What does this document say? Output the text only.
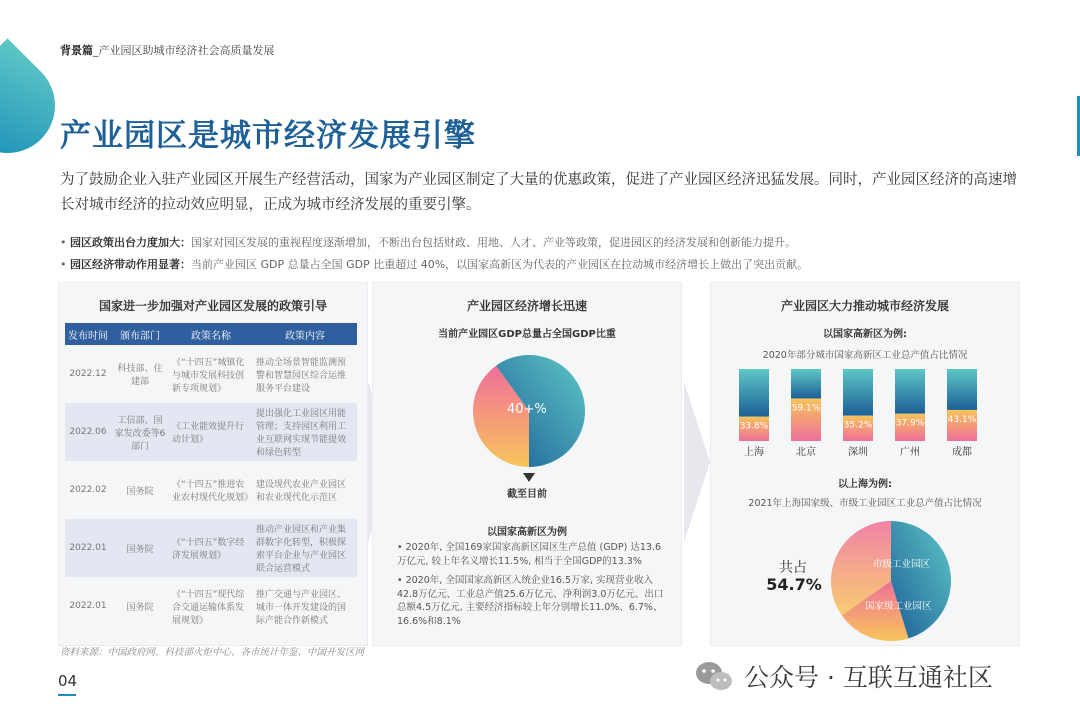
背景篇_产业园区助城市经济社会高质量发展
产业园区是城市经济发展引擎
为了鼓励企业入驻产业园区开展生产经营活动，国家为产业园区制定了大量的优惠政策，促进了产业园区经济迅猛发展。同时，产业园区经济的高速增长对城市经济的拉动效应明显，正成为城市经济发展的重要引擎。
• 园区政策出台力度加大：国家对园区发展的重视程度逐渐增加，不断出台包括财政、用地、人才、产业等政策，促进园区的经济发展和创新能力提升。
• 园区经济带动作用显著：当前产业园区 GDP 总量占全国 GDP 比重超过 40%，以国家高新区为代表的产业园区在拉动城市经济增长上做出了突出贡献。
国家进一步加强对产业园区发展的政策引导
发布时间	颁布部门	政策名称	政策内容
2022.12	科技部、住建部	《“十四五”城镇化与城市发展科技创新专项规划》	推动全场景智能监测预警和智慧园区综合运维服务平台建设
2022.06	工信部、国家发改委等6部门	《工业能效提升行动计划》	提出强化工业园区用能管理；支持园区利用工业互联网实现节能提效和绿色转型
2022.02	国务院	《“十四五”推进农业农村现代化规划》	建设现代农业产业园区和农业现代化示范区
2022.01	国务院	《“十四五”数字经济发展规划》	推动产业园区和产业集群数字化转型，积极探索平台企业与产业园区联合运营模式
2022.01	国务院	《“十四五”现代综合交通运输体系发展规划》	推广交通与产业园区、城市一体开发建设的国际产能合作新模式
产业园区经济增长迅速
当前产业园区GDP总量占全国GDP比重
40+%
截至目前
以国家高新区为例
• 2020年, 全国169家国家高新区园区生产总值 (GDP) 达13.6万亿元, 较上年名义增长11.5%, 相当于全国GDP的13.3%
• 2020年, 全国国家高新区入统企业16.5万家, 实现营业收入42.8万亿元、工业总产值25.6万亿元、净利润3.0万亿元、出口总额4.5万亿元, 主要经济指标较上年分别增长11.0%、6.7%、16.6%和8.1%
产业园区大力推动城市经济发展
以国家高新区为例:
2020年部分城市国家高新区工业总产值占比情况
33.8%
上海
59.1%
北京
35.2%
深圳
37.9%
广州
43.1%
成都
以上海为例:
2021年上海国家级、市级工业园区工业总产值占比情况
共占
54.7%
市级工业园区
国家级工业园区
资料来源：中国政府网、科技部火炬中心、各市统计年鉴、中国开发区网
04	公众号 · 互联互通社区
